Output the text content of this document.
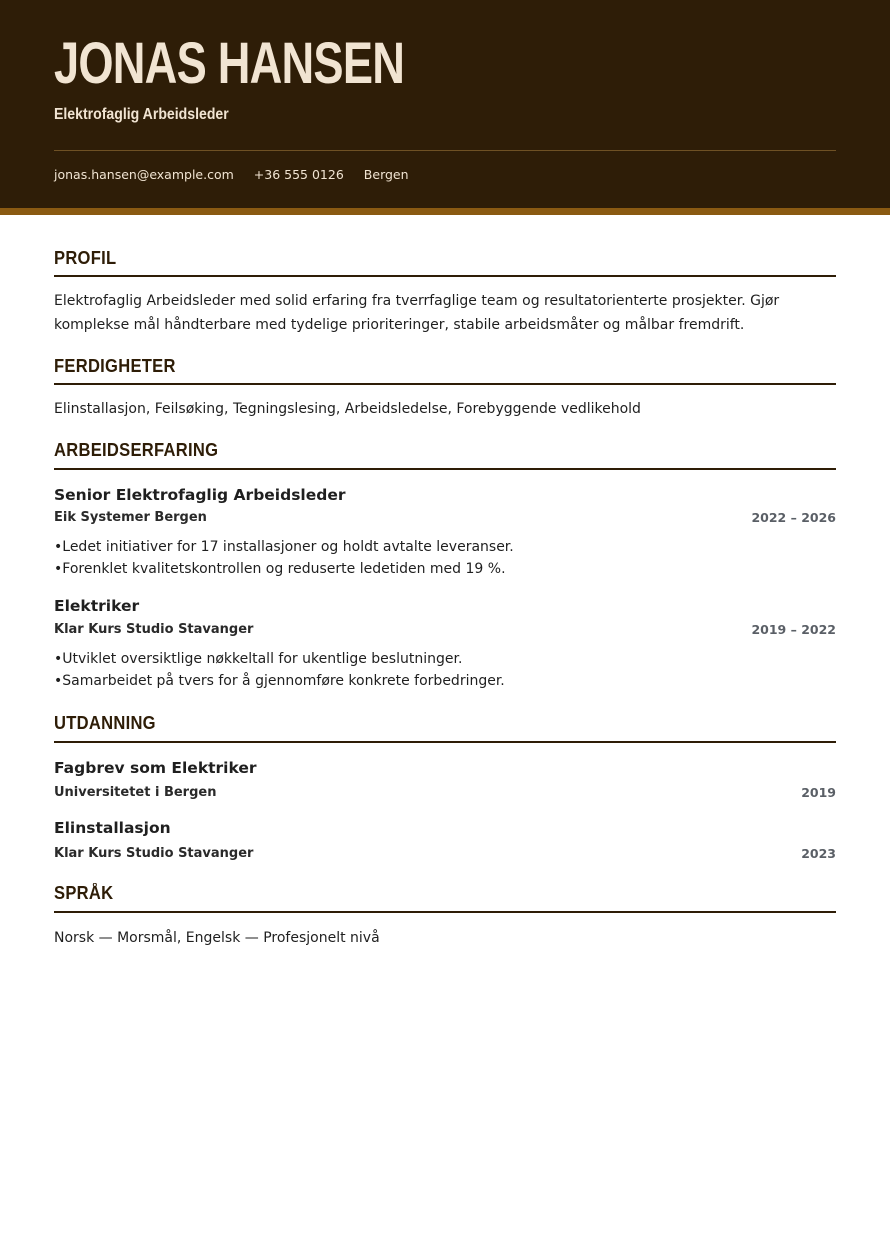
JONAS HANSEN
Elektrofaglig Arbeidsleder
jonas.hansen@example.com +36 555 0126 Bergen
PROFIL
Elektrofaglig Arbeidsleder med solid erfaring fra tverrfaglige team og resultatorienterte prosjekter. Gjør komplekse mål håndterbare med tydelige prioriteringer, stabile arbeidsmåter og målbar fremdrift.
FERDIGHETER
Elinstallasjon, Feilsøking, Tegningslesing, Arbeidsledelse, Forebyggende vedlikehold
ARBEIDSERFARING
Senior Elektrofaglig Arbeidsleder
Eik Systemer Bergen	2022 – 2026
• Ledet initiativer for 17 installasjoner og holdt avtalte leveranser.
• Forenklet kvalitetskontrollen og reduserte ledetiden med 19 %.
Elektriker
Klar Kurs Studio Stavanger	2019 – 2022
• Utviklet oversiktlige nøkkeltall for ukentlige beslutninger.
• Samarbeidet på tvers for å gjennomføre konkrete forbedringer.
UTDANNING
Fagbrev som Elektriker
Universitetet i Bergen	2019
Elinstallasjon
Klar Kurs Studio Stavanger	2023
SPRÅK
Norsk — Morsmål, Engelsk — Profesjonelt nivå
